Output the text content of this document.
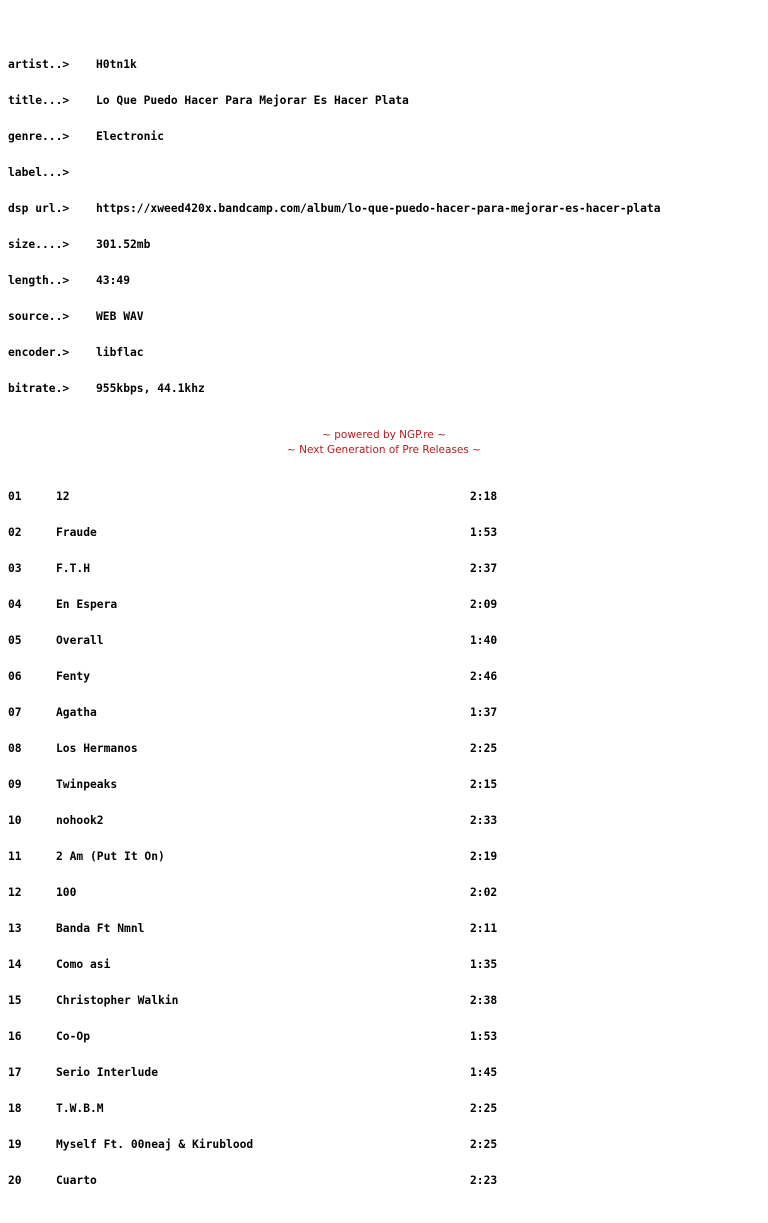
artist..> H0tn1k

title...> Lo Que Puedo Hacer Para Mejorar Es Hacer Plata

genre...> Electronic

label...>

dsp url.> https://xweed420x.bandcamp.com/album/lo-que-puedo-hacer-para-mejorar-es-hacer-plata

size....> 301.52mb

length..> 43:49

source..> WEB WAV

encoder.> libflac

bitrate.> 955kbps, 44.1khz

01	12	2:18

02	Fraude	1:53

03	F.T.H	2:37

04	En Espera	2:09

05	Overall	1:40

06	Fenty	2:46

07	Agatha	1:37

08	Los Hermanos	2:25

09	Twinpeaks	2:15

10	nohook2	2:33

11	2 Am (Put It On)	2:19

12	100	2:02

13	Banda Ft Nmnl	2:11

14	Como asi	1:35

15	Christopher Walkin	2:38

16	Co-Op	1:53

17	Serio Interlude	1:45

18	T.W.B.M	2:25

19	Myself Ft. 00neaj & Kirublood	2:25

20	Cuarto	2:23

~ powered by NGP.re ~
~ Next Generation of Pre Releases ~
